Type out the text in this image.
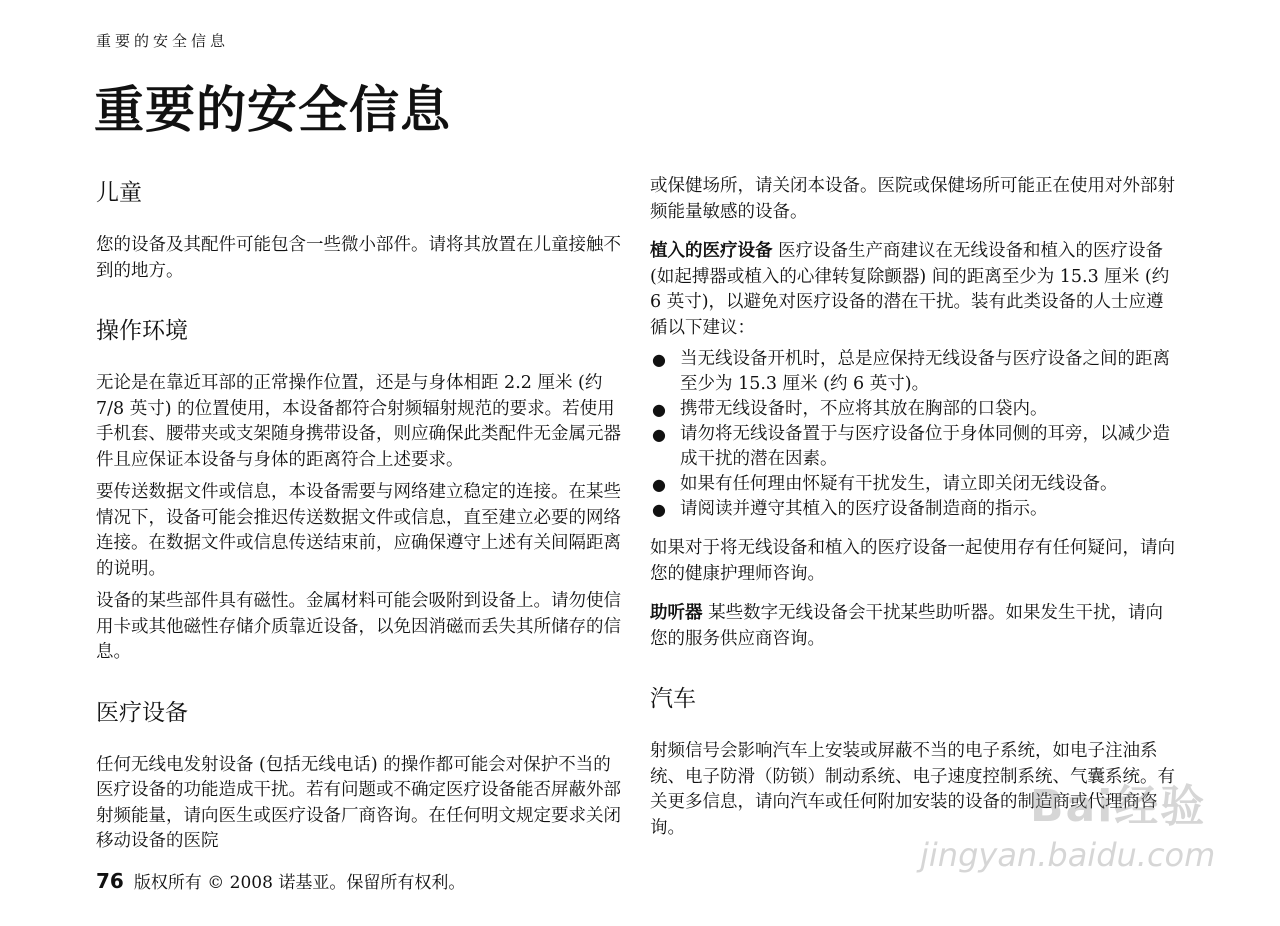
重要的安全信息
重要的安全信息
儿童

您的设备及其配件可能包含一些微小部件。请将其放置在儿童接触不到的地方。

操作环境

无论是在靠近耳部的正常操作位置，还是与身体相距 2.2 厘米 (约 7/8 英寸) 的位置使用，本设备都符合射频辐射规范的要求。若使用手机套、腰带夹或支架随身携带设备，则应确保此类配件无金属元器件且应保证本设备与身体的距离符合上述要求。

要传送数据文件或信息，本设备需要与网络建立稳定的连接。在某些情况下，设备可能会推迟传送数据文件或信息，直至建立必要的网络连接。在数据文件或信息传送结束前，应确保遵守上述有关间隔距离的说明。

设备的某些部件具有磁性。金属材料可能会吸附到设备上。请勿使信用卡或其他磁性存储介质靠近设备，以免因消磁而丢失其所储存的信息。

医疗设备

任何无线电发射设备 (包括无线电话) 的操作都可能会对保护不当的医疗设备的功能造成干扰。若有问题或不确定医疗设备能否屏蔽外部射频能量，请向医生或医疗设备厂商咨询。在任何明文规定要求关闭移动设备的医院

或保健场所，请关闭本设备。医院或保健场所可能正在使用对外部射频能量敏感的设备。

植入的医疗设备 医疗设备生产商建议在无线设备和植入的医疗设备 (如起搏器或植入的心律转复除颤器) 间的距离至少为 15.3 厘米 (约 6 英寸)，以避免对医疗设备的潜在干扰。装有此类设备的人士应遵循以下建议：

● 当无线设备开机时，总是应保持无线设备与医疗设备之间的距离至少为 15.3 厘米 (约 6 英寸)。
● 携带无线设备时，不应将其放在胸部的口袋内。
● 请勿将无线设备置于与医疗设备位于身体同侧的耳旁，以减少造成干扰的潜在因素。
● 如果有任何理由怀疑有干扰发生，请立即关闭无线设备。
● 请阅读并遵守其植入的医疗设备制造商的指示。

如果对于将无线设备和植入的医疗设备一起使用存有任何疑问，请向您的健康护理师咨询。

助听器 某些数字无线设备会干扰某些助听器。如果发生干扰，请向您的服务供应商咨询。

汽车

射频信号会影响汽车上安装或屏蔽不当的电子系统，如电子注油系统、电子防滑（防锁）制动系统、电子速度控制系统、气囊系统。有关更多信息，请向汽车或任何附加安装的设备的制造商或代理商咨询。

76 版权所有 © 2008 诺基亚。保留所有权利。
Bai经验
jingyan.baidu.com
